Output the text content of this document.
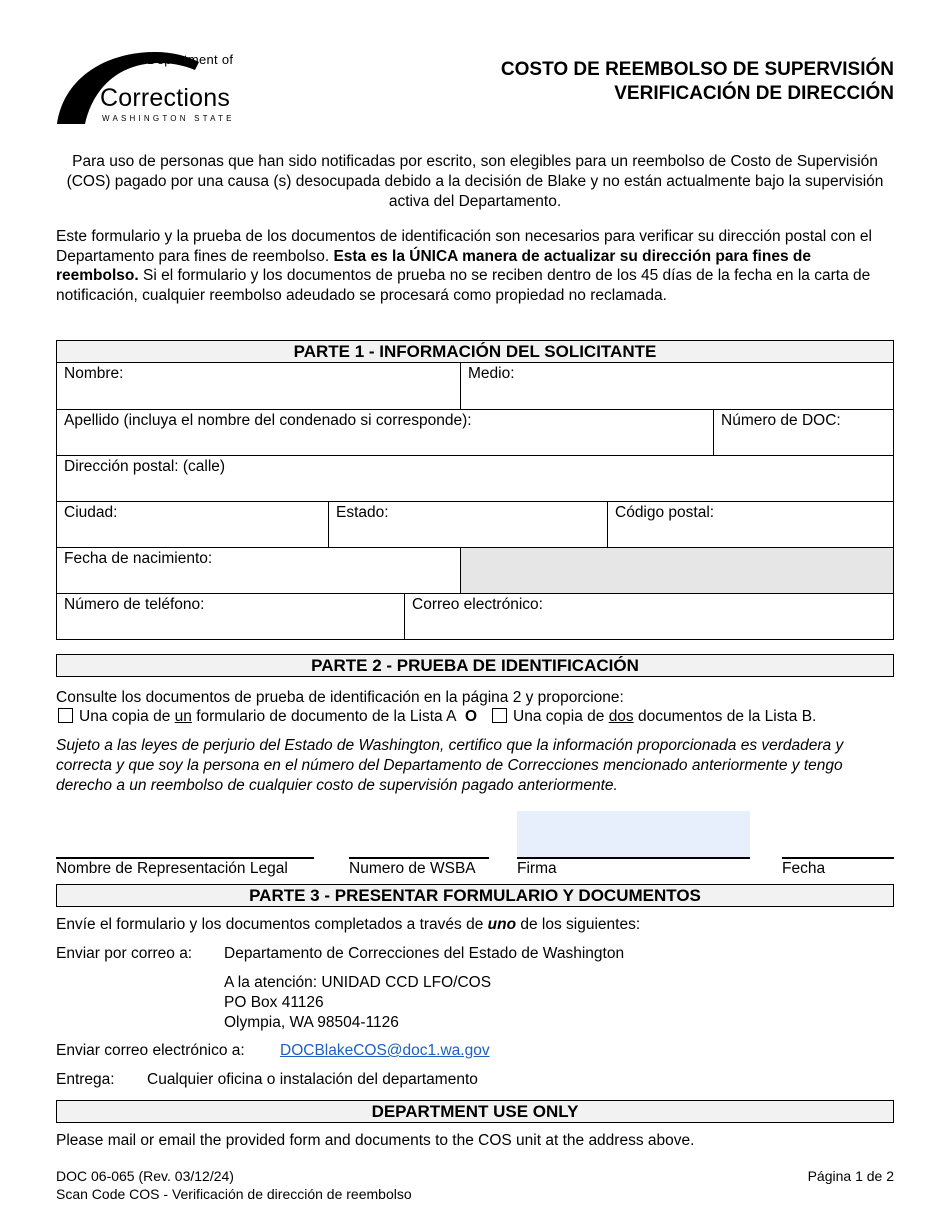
Department of
Corrections
WASHINGTON STATE
COSTO DE REEMBOLSO DE SUPERVISIÓN
VERIFICACIÓN DE DIRECCIÓN
Para uso de personas que han sido notificadas por escrito, son elegibles para un reembolso de Costo de Supervisión (COS) pagado por una causa (s) desocupada debido a la decisión de Blake y no están actualmente bajo la supervisión activa del Departamento.
Este formulario y la prueba de los documentos de identificación son necesarios para verificar su dirección postal con el Departamento para fines de reembolso. Esta es la ÚNICA manera de actualizar su dirección para fines de reembolso. Si el formulario y los documentos de prueba no se reciben dentro de los 45 días de la fecha en la carta de notificación, cualquier reembolso adeudado se procesará como propiedad no reclamada.
PARTE 1 - INFORMACIÓN DEL SOLICITANTE
Nombre:	Medio:
Apellido (incluya el nombre del condenado si corresponde):	Número de DOC:
Dirección postal: (calle)
Ciudad:	Estado:	Código postal:
Fecha de nacimiento:
Número de teléfono:	Correo electrónico:
PARTE 2 - PRUEBA DE IDENTIFICACIÓN
Consulte los documentos de prueba de identificación en la página 2 y proporcione:
Una copia de un formulario de documento de la Lista A O Una copia de dos documentos de la Lista B.
Sujeto a las leyes de perjurio del Estado de Washington, certifico que la información proporcionada es verdadera y correcta y que soy la persona en el número del Departamento de Correcciones mencionado anteriormente y tengo derecho a un reembolso de cualquier costo de supervisión pagado anteriormente.
Nombre de Representación Legal	Numero de WSBA	Firma	Fecha
PARTE 3 - PRESENTAR FORMULARIO Y DOCUMENTOS
Envíe el formulario y los documentos completados a través de uno de los siguientes:
Enviar por correo a: Departamento de Correcciones del Estado de Washington
A la atención: UNIDAD CCD LFO/COS
PO Box 41126
Olympia, WA 98504-1126
Enviar correo electrónico a: DOCBlakeCOS@doc1.wa.gov
Entrega: Cualquier oficina o instalación del departamento
DEPARTMENT USE ONLY
Please mail or email the provided form and documents to the COS unit at the address above.
DOC 06-065 (Rev. 03/12/24)
Scan Code COS - Verificación de dirección de reembolso
Página 1 de 2
